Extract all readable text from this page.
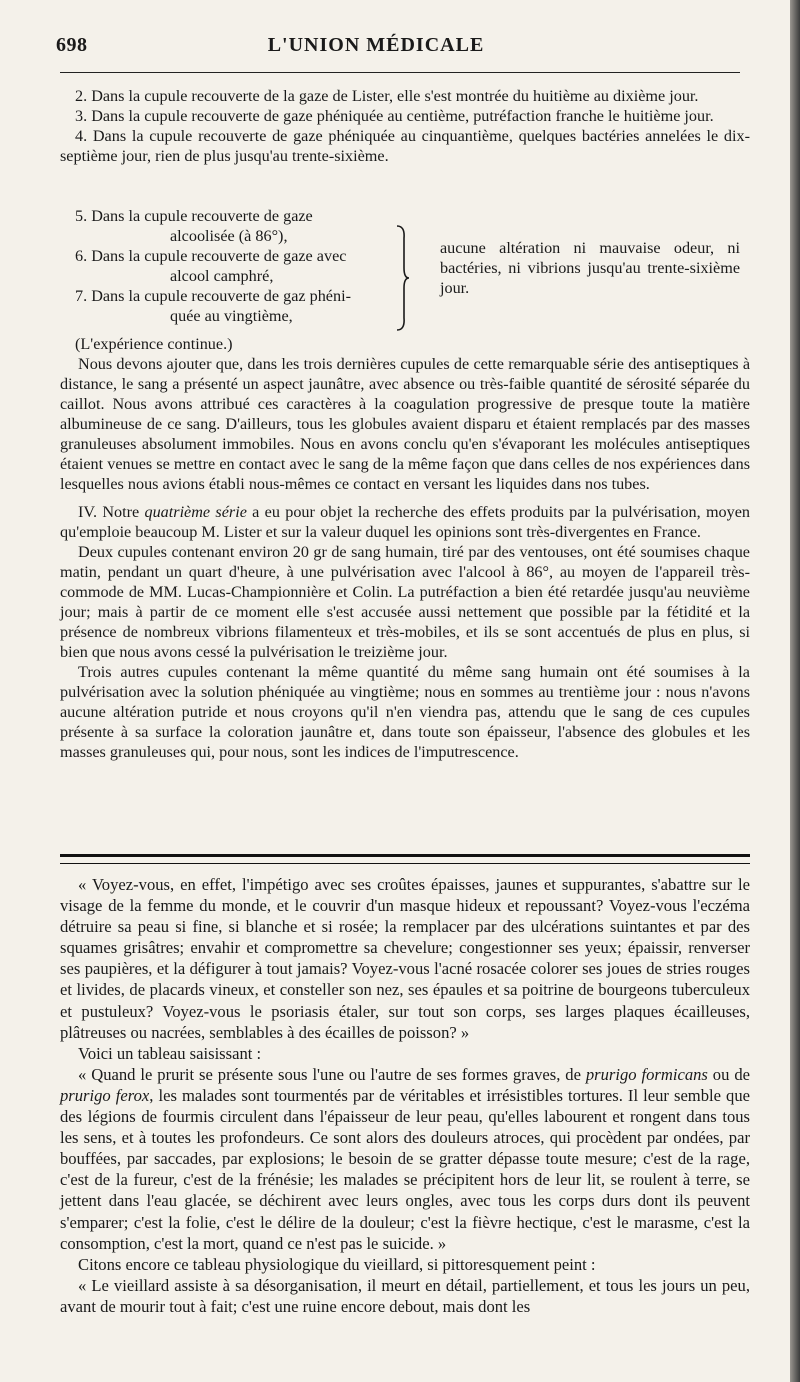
698	L'UNION MÉDICALE

2. Dans la cupule recouverte de la gaze de Lister, elle s'est montrée du huitième au dixième jour.

3. Dans la cupule recouverte de gaze phéniquée au centième, putréfaction franche le huitième jour.

4. Dans la cupule recouverte de gaze phéniquée au cinquantième, quelques bactéries annelées le dix-septième jour, rien de plus jusqu'au trente-sixième.

5. Dans la cupule recouverte de gaze
alcoolisée (à 86°),

6. Dans la cupule recouverte de gaze avec
alcool camphré,

7. Dans la cupule recouverte de gaz phéni-
quée au vingtième,

aucune altération ni mauvaise odeur, ni bactéries, ni vibrions jusqu'au trente-sixième jour.

(L'expérience continue.)

Nous devons ajouter que, dans les trois dernières cupules de cette remarquable série des antiseptiques à distance, le sang a présenté un aspect jaunâtre, avec absence ou très-faible quantité de sérosité séparée du caillot. Nous avons attribué ces caractères à la coagulation progressive de presque toute la matière albumineuse de ce sang. D'ailleurs, tous les globules avaient disparu et étaient remplacés par des masses granuleuses absolument immobiles. Nous en avons conclu qu'en s'évaporant les molécules antiseptiques étaient venues se mettre en contact avec le sang de la même façon que dans celles de nos expériences dans lesquelles nous avions établi nous-mêmes ce contact en versant les liquides dans nos tubes.

IV. Notre quatrième série a eu pour objet la recherche des effets produits par la pulvérisation, moyen qu'emploie beaucoup M. Lister et sur la valeur duquel les opinions sont très-divergentes en France.

Deux cupules contenant environ 20 gr de sang humain, tiré par des ventouses, ont été soumises chaque matin, pendant un quart d'heure, à une pulvérisation avec l'alcool à 86°, au moyen de l'appareil très-commode de MM. Lucas-Championnière et Colin. La putréfaction a bien été retardée jusqu'au neuvième jour; mais à partir de ce moment elle s'est accusée aussi nettement que possible par la fétidité et la présence de nombreux vibrions filamenteux et très-mobiles, et ils se sont accentués de plus en plus, si bien que nous avons cessé la pulvérisation le treizième jour.

Trois autres cupules contenant la même quantité du même sang humain ont été soumises à la pulvérisation avec la solution phéniquée au vingtième; nous en sommes au trentième jour : nous n'avons aucune altération putride et nous croyons qu'il n'en viendra pas, attendu que le sang de ces cupules présente à sa surface la coloration jaunâtre et, dans toute son épaisseur, l'absence des globules et les masses granuleuses qui, pour nous, sont les indices de l'imputrescence.

« Voyez-vous, en effet, l'impétigo avec ses croûtes épaisses, jaunes et suppurantes, s'abattre sur le visage de la femme du monde, et le couvrir d'un masque hideux et repoussant? Voyez-vous l'eczéma détruire sa peau si fine, si blanche et si rosée; la remplacer par des ulcérations suintantes et par des squames grisâtres; envahir et compromettre sa chevelure; congestionner ses yeux; épaissir, renverser ses paupières, et la défigurer à tout jamais? Voyez-vous l'acné rosacée colorer ses joues de stries rouges et livides, de placards vineux, et consteller son nez, ses épaules et sa poitrine de bourgeons tuberculeux et pustuleux? Voyez-vous le psoriasis étaler, sur tout son corps, ses larges plaques écailleuses, plâtreuses ou nacrées, semblables à des écailles de poisson? »

Voici un tableau saisissant :

« Quand le prurit se présente sous l'une ou l'autre de ses formes graves, de prurigo formicans ou de prurigo ferox, les malades sont tourmentés par de véritables et irrésistibles tortures. Il leur semble que des légions de fourmis circulent dans l'épaisseur de leur peau, qu'elles labourent et rongent dans tous les sens, et à toutes les profondeurs. Ce sont alors des douleurs atroces, qui procèdent par ondées, par bouffées, par saccades, par explosions; le besoin de se gratter dépasse toute mesure; c'est de la rage, c'est de la fureur, c'est de la frénésie; les malades se précipitent hors de leur lit, se roulent à terre, se jettent dans l'eau glacée, se déchirent avec leurs ongles, avec tous les corps durs dont ils peuvent s'emparer; c'est la folie, c'est le délire de la douleur; c'est la fièvre hectique, c'est le marasme, c'est la consomption, c'est la mort, quand ce n'est pas le suicide. »

Citons encore ce tableau physiologique du vieillard, si pittoresquement peint :

« Le vieillard assiste à sa désorganisation, il meurt en détail, partiellement, et tous les jours un peu, avant de mourir tout à fait; c'est une ruine encore debout, mais dont les
